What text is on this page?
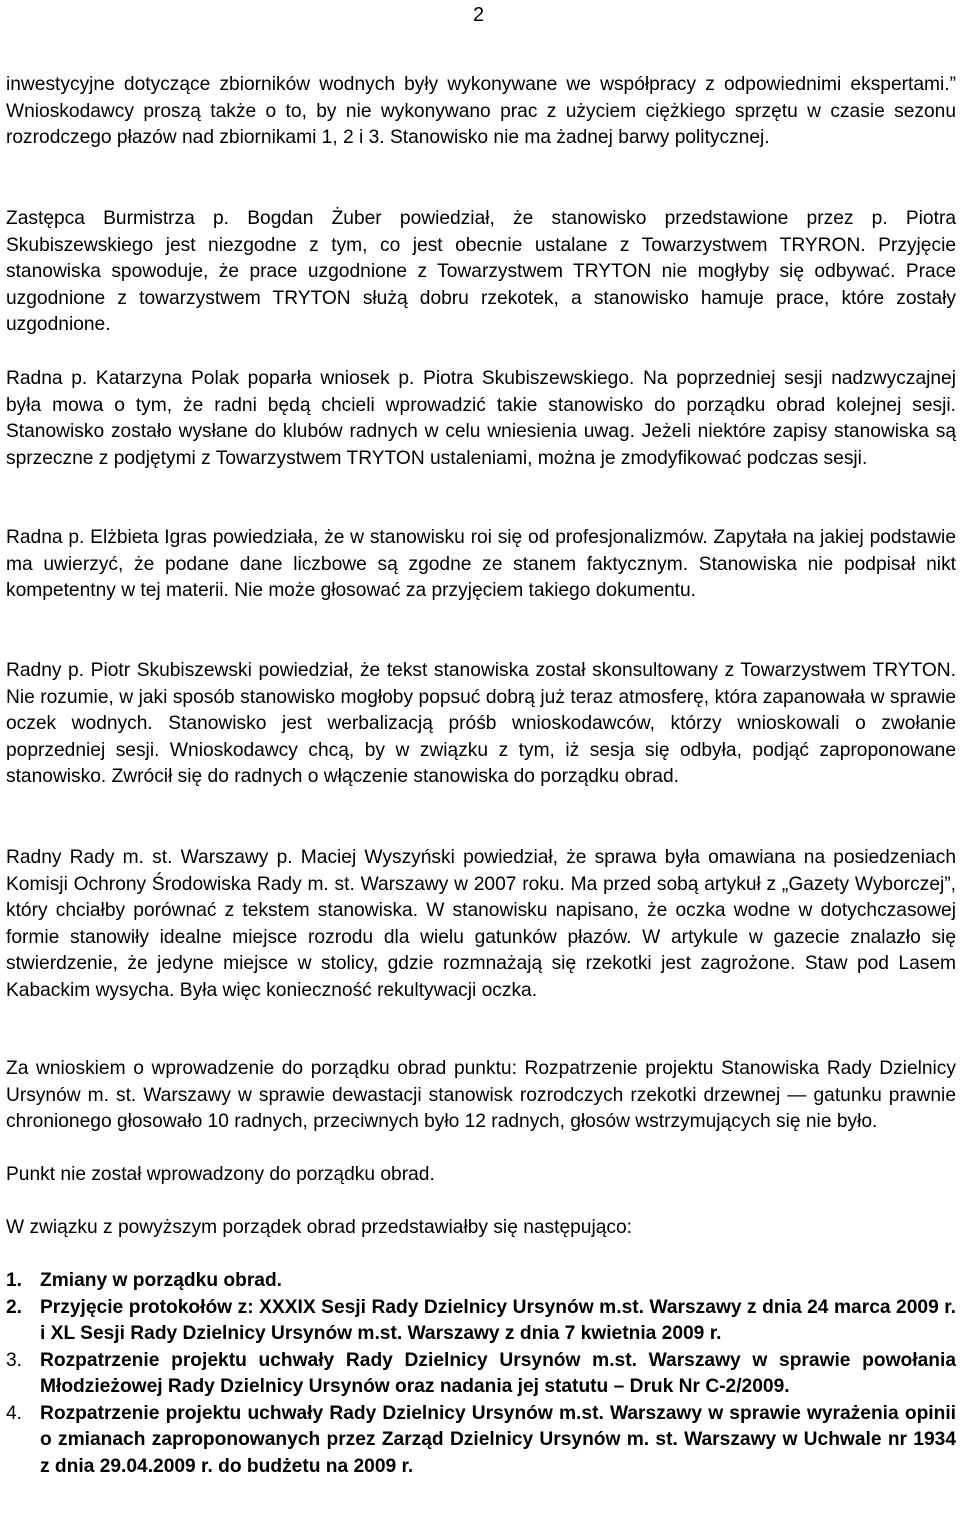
2

inwestycyjne dotyczące zbiorników wodnych były wykonywane we współpracy z odpowiednimi ekspertami.” Wnioskodawcy proszą także o to, by nie wykonywano prac z użyciem ciężkiego sprzętu w czasie sezonu rozrodczego płazów nad zbiornikami 1, 2 i 3. Stanowisko nie ma żadnej barwy politycznej.

Zastępca Burmistrza p. Bogdan Żuber powiedział, że stanowisko przedstawione przez p. Piotra Skubiszewskiego jest niezgodne z tym, co jest obecnie ustalane z Towarzystwem TRYRON. Przyjęcie stanowiska spowoduje, że prace uzgodnione z Towarzystwem TRYTON nie mogłyby się odbywać. Prace uzgodnione z towarzystwem TRYTON służą dobru rzekotek, a stanowisko hamuje prace, które zostały uzgodnione.

Radna p. Katarzyna Polak poparła wniosek p. Piotra Skubiszewskiego. Na poprzedniej sesji nadzwyczajnej była mowa o tym, że radni będą chcieli wprowadzić takie stanowisko do porządku obrad kolejnej sesji. Stanowisko zostało wysłane do klubów radnych w celu wniesienia uwag. Jeżeli niektóre zapisy stanowiska są sprzeczne z podjętymi z Towarzystwem TRYTON ustaleniami, można je zmodyfikować podczas sesji.

Radna p. Elżbieta Igras powiedziała, że w stanowisku roi się od profesjonalizmów. Zapytała na jakiej podstawie ma uwierzyć, że podane dane liczbowe są zgodne ze stanem faktycznym. Stanowiska nie podpisał nikt kompetentny w tej materii. Nie może głosować za przyjęciem takiego dokumentu.

Radny p. Piotr Skubiszewski powiedział, że tekst stanowiska został skonsultowany z Towarzystwem TRYTON. Nie rozumie, w jaki sposób stanowisko mogłoby popsuć dobrą już teraz atmosferę, która zapanowała w sprawie oczek wodnych. Stanowisko jest werbalizacją próśb wnioskodawców, którzy wnioskowali o zwołanie poprzedniej sesji. Wnioskodawcy chcą, by w związku z tym, iż sesja się odbyła, podjąć zaproponowane stanowisko. Zwrócił się do radnych o włączenie stanowiska do porządku obrad.

Radny Rady m. st. Warszawy p. Maciej Wyszyński powiedział, że sprawa była omawiana na posiedzeniach Komisji Ochrony Środowiska Rady m. st. Warszawy w 2007 roku. Ma przed sobą artykuł z „Gazety Wyborczej”, który chciałby porównać z tekstem stanowiska. W stanowisku napisano, że oczka wodne w dotychczasowej formie stanowiły idealne miejsce rozrodu dla wielu gatunków płazów. W artykule w gazecie znalazło się stwierdzenie, że jedyne miejsce w stolicy, gdzie rozmnażają się rzekotki jest zagrożone. Staw pod Lasem Kabackim wysycha. Była więc konieczność rekultywacji oczka.

Za wnioskiem o wprowadzenie do porządku obrad punktu: Rozpatrzenie projektu Stanowiska Rady Dzielnicy Ursynów m. st. Warszawy w sprawie dewastacji stanowisk rozrodczych rzekotki drzewnej — gatunku prawnie chronionego głosowało 10 radnych, przeciwnych było 12 radnych, głosów wstrzymujących się nie było.

Punkt nie został wprowadzony do porządku obrad.

W związku z powyższym porządek obrad przedstawiałby się następująco:

1. Zmiany w porządku obrad.
2. Przyjęcie protokołów z: XXXIX Sesji Rady Dzielnicy Ursynów m.st. Warszawy z dnia 24 marca 2009 r. i XL Sesji Rady Dzielnicy Ursynów m.st. Warszawy z dnia 7 kwietnia 2009 r.
3. Rozpatrzenie projektu uchwały Rady Dzielnicy Ursynów m.st. Warszawy w sprawie powołania Młodzieżowej Rady Dzielnicy Ursynów oraz nadania jej statutu – Druk Nr C-2/2009.
4. Rozpatrzenie projektu uchwały Rady Dzielnicy Ursynów m.st. Warszawy w sprawie wyrażenia opinii o zmianach zaproponowanych przez Zarząd Dzielnicy Ursynów m. st. Warszawy w Uchwale nr 1934 z dnia 29.04.2009 r. do budżetu na 2009 r.
